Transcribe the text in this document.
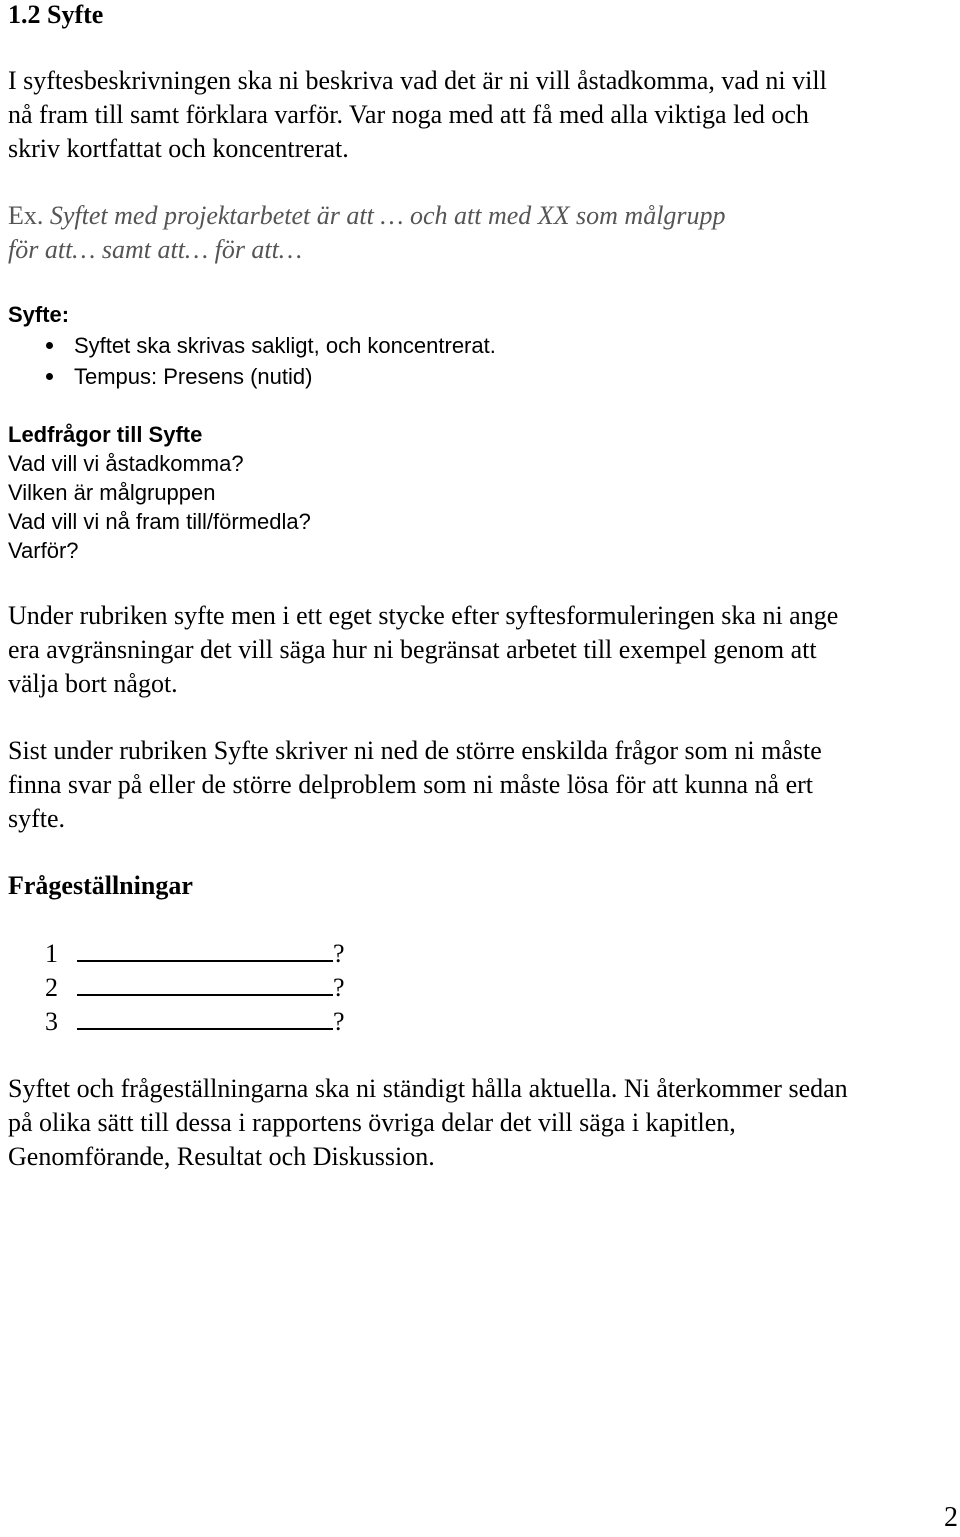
1.2 Syfte
I syftesbeskrivningen ska ni beskriva vad det är ni vill åstadkomma, vad ni vill
nå fram till samt förklara varför. Var noga med att få med alla viktiga led och
skriv kortfattat och koncentrerat.
Ex. Syftet med projektarbetet är att … och att med XX som målgrupp
för att… samt att… för att…
Syfte:
Syftet ska skrivas sakligt, och koncentrerat.
Tempus: Presens (nutid)
Ledfrågor till Syfte
Vad vill vi åstadkomma?
Vilken är målgruppen
Vad vill vi nå fram till/förmedla?
Varför?
Under rubriken syfte men i ett eget stycke efter syftesformuleringen ska ni ange
era avgränsningar det vill säga hur ni begränsat arbetet till exempel genom att
välja bort något.
Sist under rubriken Syfte skriver ni ned de större enskilda frågor som ni måste
finna svar på eller de större delproblem som ni måste lösa för att kunna nå ert
syfte.
Frågeställningar
1	?
2	?
3	?
Syftet och frågeställningarna ska ni ständigt hålla aktuella. Ni återkommer sedan
på olika sätt till dessa i rapportens övriga delar det vill säga i kapitlen,
Genomförande, Resultat och Diskussion.
2
